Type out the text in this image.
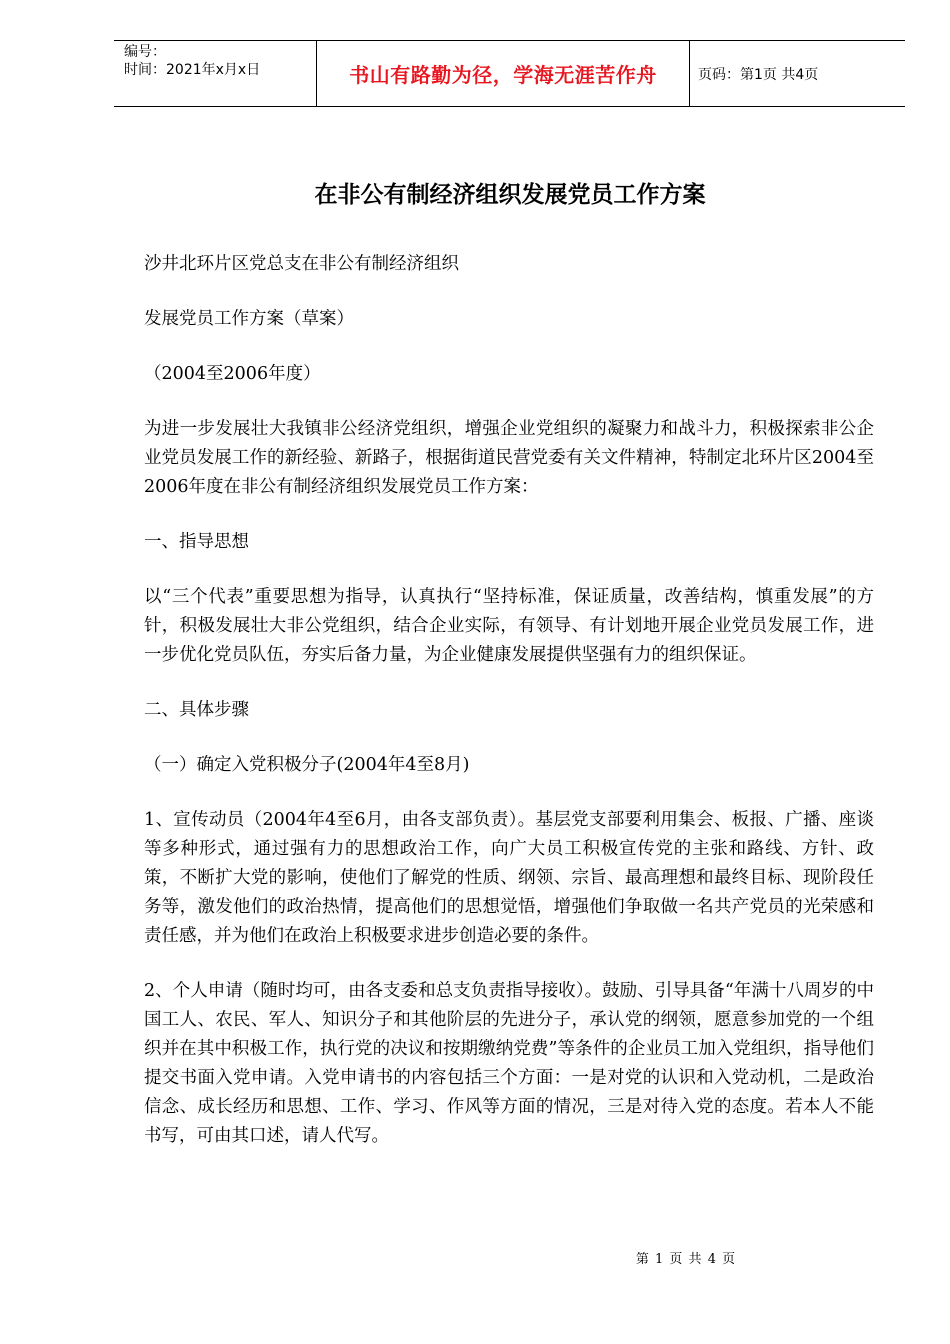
编号：
时间：2021年x月x日	书山有路勤为径，学海无涯苦作舟	页码：第1页 共4页
在非公有制经济组织发展党员工作方案

沙井北环片区党总支在非公有制经济组织

发展党员工作方案（草案）

（2004至2006年度）

为进一步发展壮大我镇非公经济党组织，增强企业党组织的凝聚力和战斗力，积极探索非公企业党员发展工作的新经验、新路子，根据街道民营党委有关文件精神，特制定北环片区2004至2006年度在非公有制经济组织发展党员工作方案：

一、指导思想

以“三个代表”重要思想为指导，认真执行“坚持标准，保证质量，改善结构，慎重发展”的方针，积极发展壮大非公党组织，结合企业实际，有领导、有计划地开展企业党员发展工作，进一步优化党员队伍，夯实后备力量，为企业健康发展提供坚强有力的组织保证。

二、具体步骤

（一）确定入党积极分子(2004年4至8月)

1、宣传动员（2004年4至6月，由各支部负责）。基层党支部要利用集会、板报、广播、座谈等多种形式，通过强有力的思想政治工作，向广大员工积极宣传党的主张和路线、方针、政策，不断扩大党的影响，使他们了解党的性质、纲领、宗旨、最高理想和最终目标、现阶段任务等，激发他们的政治热情，提高他们的思想觉悟，增强他们争取做一名共产党员的光荣感和责任感，并为他们在政治上积极要求进步创造必要的条件。

2、个人申请（随时均可，由各支委和总支负责指导接收）。鼓励、引导具备“年满十八周岁的中国工人、农民、军人、知识分子和其他阶层的先进分子，承认党的纲领，愿意参加党的一个组织并在其中积极工作，执行党的决议和按期缴纳党费”等条件的企业员工加入党组织，指导他们提交书面入党申请。入党申请书的内容包括三个方面：一是对党的认识和入党动机，二是政治信念、成长经历和思想、工作、学习、作风等方面的情况，三是对待入党的态度。若本人不能书写，可由其口述，请人代写。

第 1 页 共 4 页
